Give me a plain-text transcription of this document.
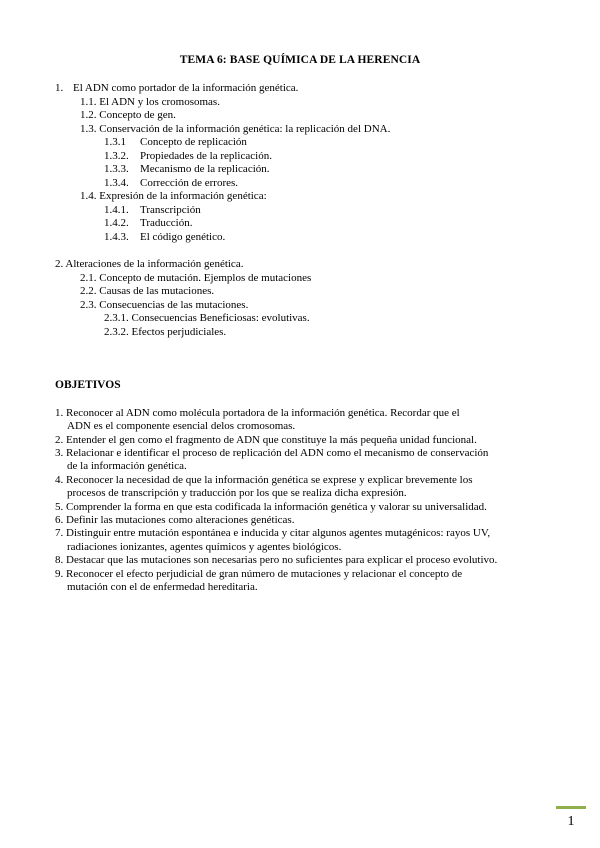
TEMA 6: BASE QUÍMICA DE LA HERENCIA
1. El ADN como portador de la información genética.
1.1. El ADN y los cromosomas.
1.2. Concepto de gen.
1.3. Conservación de la información genética: la replicación del DNA.
1.3.1 Concepto de replicación
1.3.2. Propiedades de la replicación.
1.3.3. Mecanismo de la replicación.
1.3.4. Corrección de errores.
1.4. Expresión de la información genética:
1.4.1. Transcripción
1.4.2. Traducción.
1.4.3. El código genético.
2. Alteraciones de la información genética.
2.1. Concepto de mutación. Ejemplos de mutaciones
2.2. Causas de las mutaciones.
2.3. Consecuencias de las mutaciones.
2.3.1. Consecuencias Beneficiosas: evolutivas.
2.3.2. Efectos perjudiciales.
OBJETIVOS
1. Reconocer al ADN como molécula portadora de la información genética. Recordar que el
ADN es el componente esencial delos cromosomas.
2. Entender el gen como el fragmento de ADN que constituye la más pequeña unidad funcional.
3. Relacionar e identificar el proceso de replicación del ADN como el mecanismo de conservación
de la información genética.
4. Reconocer la necesidad de que la información genética se exprese y explicar brevemente los
procesos de transcripción y traducción por los que se realiza dicha expresión.
5. Comprender la forma en que esta codificada la información genética y valorar su universalidad.
6. Definir las mutaciones como alteraciones genéticas.
7. Distinguir entre mutación espontánea e inducida y citar algunos agentes mutagénicos: rayos UV,
radiaciones ionizantes, agentes químicos y agentes biológicos.
8. Destacar que las mutaciones son necesarias pero no suficientes para explicar el proceso evolutivo.
9. Reconocer el efecto perjudicial de gran número de mutaciones y relacionar el concepto de
mutación con el de enfermedad hereditaria.
1
